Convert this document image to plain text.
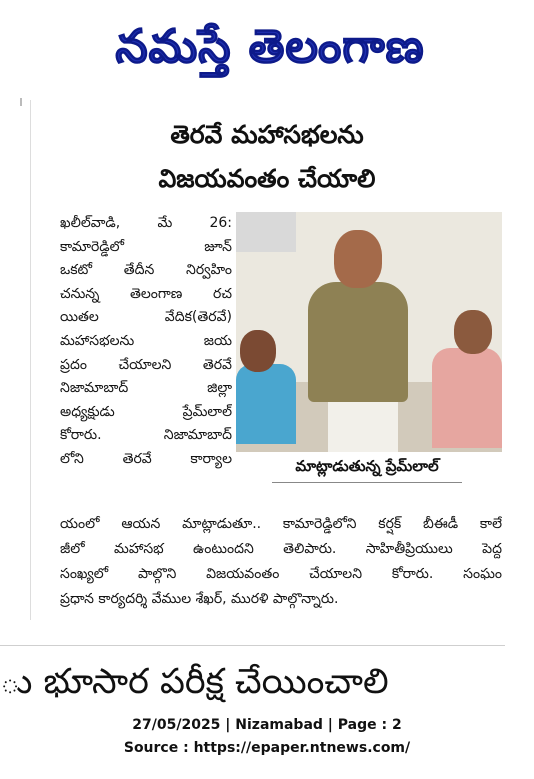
నమస్తే తెలంగాణ
తెరవే మహాసభలను
విజయవంతం చేయాలి
ఖలీల్‌వాడి, మే 26:
కామారెడ్డిలో జూన్
ఒకటో తేదీన నిర్వహిం
చనున్న తెలంగాణ రచ
యితల వేదిక(తెరవే)
మహాసభలను జయ
ప్రదం చేయాలని తెరవే
నిజామాబాద్ జిల్లా
అధ్యక్షుడు ప్రేమ్‌లాల్
కోరారు. నిజామాబాద్
లోని తెరవే కార్యాల	మాట్లాడుతున్న ప్రేమ్‌లాల్
యంలో ఆయన మాట్లాడుతూ.. కామారెడ్డిలోని కర్షక్ బీఈడీ కాలే
జీలో మహాసభ ఉంటుందని తెలిపారు. సాహితీప్రియులు పెద్ద
సంఖ్యలో పాల్గొని విజయవంతం చేయాలని కోరారు. సంఘం
ప్రధాన కార్యదర్శి వేముల శేఖర్, మురళి పాల్గొన్నారు.
ు భూసార పరీక్ష చేయించాలి
27/05/2025 | Nizamabad | Page : 2
Source : https://epaper.ntnews.com/
